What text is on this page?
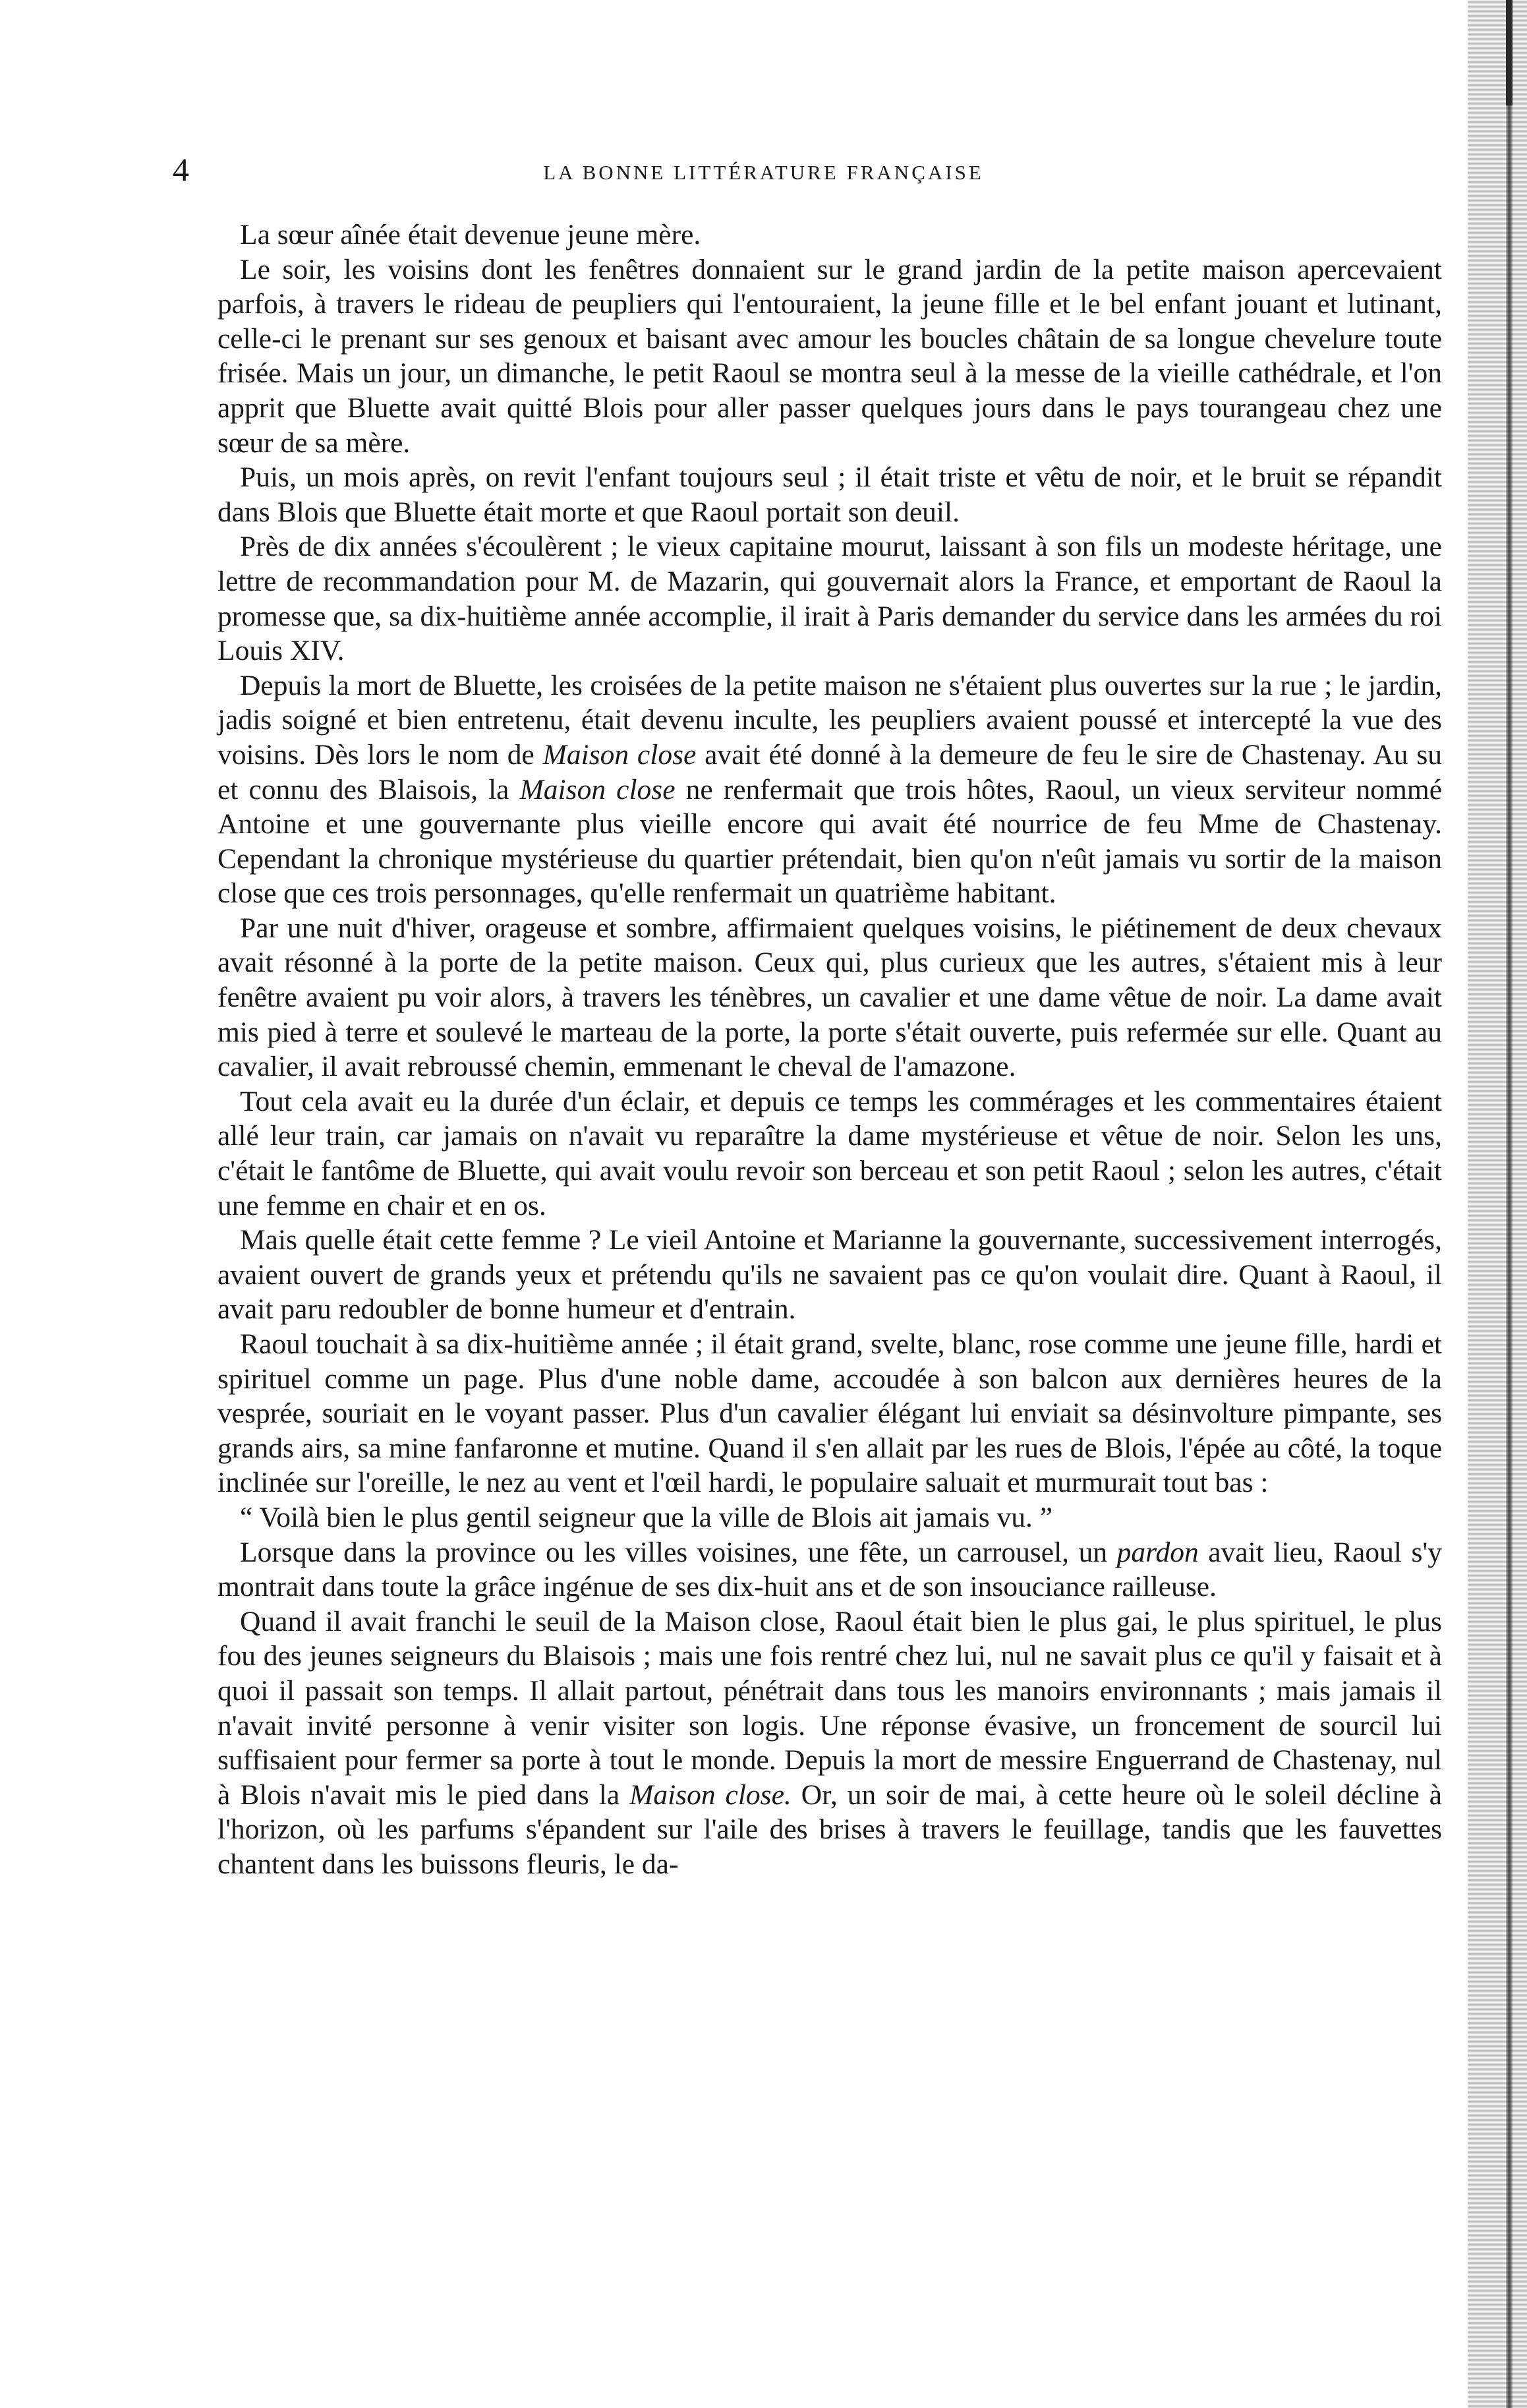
4	LA BONNE LITTÉRATURE FRANÇAISE

La sœur aînée était devenue jeune mère.

Le soir, les voisins dont les fenêtres donnaient sur le grand jardin de la petite maison apercevaient parfois, à travers le rideau de peupliers qui l'entouraient, la jeune fille et le bel enfant jouant et lutinant, celle-ci le prenant sur ses genoux et baisant avec amour les boucles châtain de sa longue chevelure toute frisée. Mais un jour, un dimanche, le petit Raoul se montra seul à la messe de la vieille cathédrale, et l'on apprit que Bluette avait quitté Blois pour aller passer quelques jours dans le pays tourangeau chez une sœur de sa mère.

Puis, un mois après, on revit l'enfant toujours seul ; il était triste et vêtu de noir, et le bruit se répandit dans Blois que Bluette était morte et que Raoul portait son deuil.

Près de dix années s'écoulèrent ; le vieux capitaine mourut, laissant à son fils un modeste héritage, une lettre de recommandation pour M. de Mazarin, qui gouvernait alors la France, et emportant de Raoul la promesse que, sa dix-huitième année accomplie, il irait à Paris demander du service dans les armées du roi Louis XIV.

Depuis la mort de Bluette, les croisées de la petite maison ne s'étaient plus ouvertes sur la rue ; le jardin, jadis soigné et bien entretenu, était devenu inculte, les peupliers avaient poussé et intercepté la vue des voisins. Dès lors le nom de Maison close avait été donné à la demeure de feu le sire de Chastenay. Au su et connu des Blaisois, la Maison close ne renfermait que trois hôtes, Raoul, un vieux serviteur nommé Antoine et une gouvernante plus vieille encore qui avait été nourrice de feu Mme de Chastenay. Cependant la chronique mystérieuse du quartier prétendait, bien qu'on n'eût jamais vu sortir de la maison close que ces trois personnages, qu'elle renfermait un quatrième habitant.

Par une nuit d'hiver, orageuse et sombre, affirmaient quelques voisins, le piétinement de deux chevaux avait résonné à la porte de la petite maison. Ceux qui, plus curieux que les autres, s'étaient mis à leur fenêtre avaient pu voir alors, à travers les ténèbres, un cavalier et une dame vêtue de noir. La dame avait mis pied à terre et soulevé le marteau de la porte, la porte s'était ouverte, puis refermée sur elle. Quant au cavalier, il avait rebroussé chemin, emmenant le cheval de l'amazone.

Tout cela avait eu la durée d'un éclair, et depuis ce temps les commérages et les commentaires étaient allé leur train, car jamais on n'avait vu reparaître la dame mystérieuse et vêtue de noir. Selon les uns, c'était le fantôme de Bluette, qui avait voulu revoir son berceau et son petit Raoul ; selon les autres, c'était une femme en chair et en os.

Mais quelle était cette femme ? Le vieil Antoine et Marianne la gouvernante, successivement interrogés, avaient ouvert de grands yeux et prétendu qu'ils ne savaient pas ce qu'on voulait dire. Quant à Raoul, il avait paru redoubler de bonne humeur et d'entrain.

Raoul touchait à sa dix-huitième année ; il était grand, svelte, blanc, rose comme une jeune fille, hardi et spirituel comme un page. Plus d'une noble dame, accoudée à son balcon aux dernières heures de la vesprée, souriait en le voyant passer. Plus d'un cavalier élégant lui enviait sa désinvolture pimpante, ses grands airs, sa mine fanfaronne et mutine. Quand il s'en allait par les rues de Blois, l'épée au côté, la toque inclinée sur l'oreille, le nez au vent et l'œil hardi, le populaire saluait et murmurait tout bas :

“ Voilà bien le plus gentil seigneur que la ville de Blois ait jamais vu. ”

Lorsque dans la province ou les villes voisines, une fête, un carrousel, un pardon avait lieu, Raoul s'y montrait dans toute la grâce ingénue de ses dix-huit ans et de son insouciance railleuse.

Quand il avait franchi le seuil de la Maison close, Raoul était bien le plus gai, le plus spirituel, le plus fou des jeunes seigneurs du Blaisois ; mais une fois rentré chez lui, nul ne savait plus ce qu'il y faisait et à quoi il passait son temps. Il allait partout, pénétrait dans tous les manoirs environnants ; mais jamais il n'avait invité personne à venir visiter son logis. Une réponse évasive, un froncement de sourcil lui suffisaient pour fermer sa porte à tout le monde. Depuis la mort de messire Enguerrand de Chastenay, nul à Blois n'avait mis le pied dans la Maison close. Or, un soir de mai, à cette heure où le soleil décline à l'horizon, où les parfums s'épandent sur l'aile des brises à travers le feuillage, tandis que les fauvettes chantent dans les buissons fleuris, le da-
